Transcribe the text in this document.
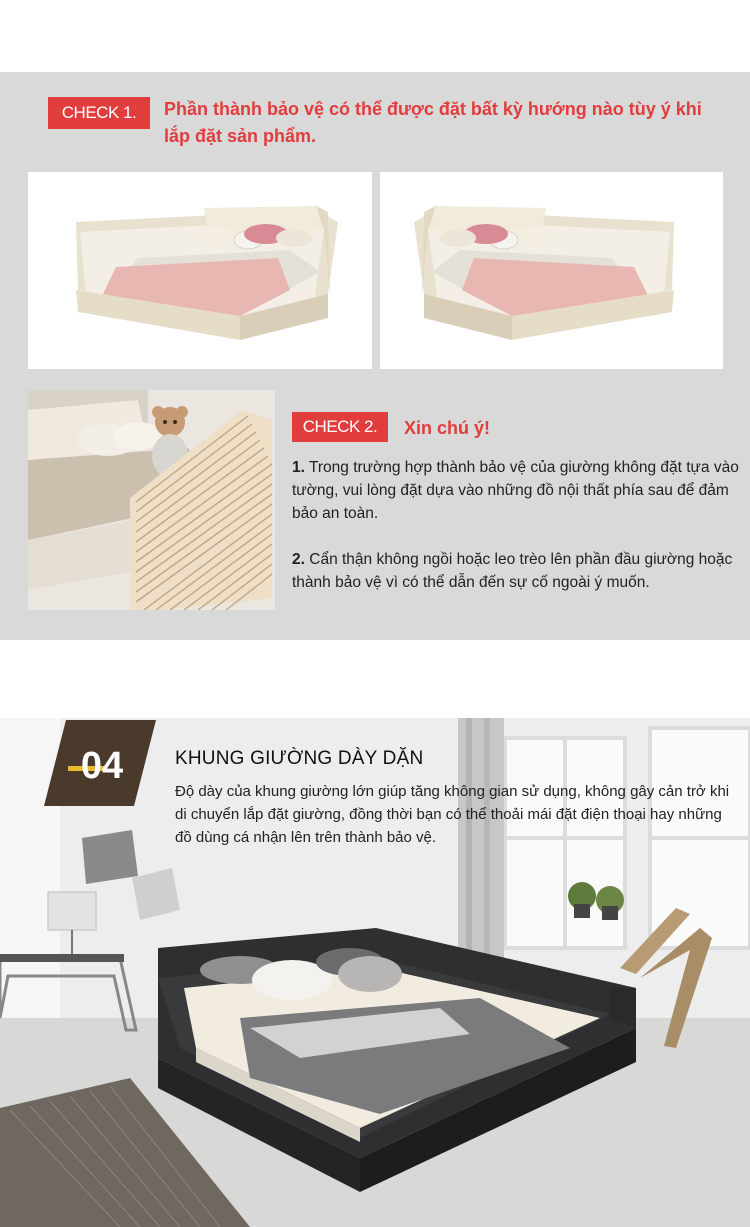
CHECK 1.	Phần thành bảo vệ có thể được đặt bất kỳ hướng nào tùy ý khi lắp đặt sản phẩm.
CHECK 2.	Xin chú ý!
1. Trong trường hợp thành bảo vệ của giường không đặt tựa vào tường, vui lòng đặt dựa vào những đồ nội thất phía sau để đảm bảo an toàn.
2. Cẩn thận không ngồi hoặc leo trèo lên phần đầu giường hoặc thành bảo vệ vì có thể dẫn đến sự cố ngoài ý muốn.
04	KHUNG GIƯỜNG DÀY DẶN
Độ dày của khung giường lớn giúp tăng không gian sử dụng, không gây cản trở khi di chuyển lắp đặt giường, đồng thời bạn có thể thoải mái đặt điện thoại hay những đồ dùng cá nhận lên trên thành bảo vệ.
